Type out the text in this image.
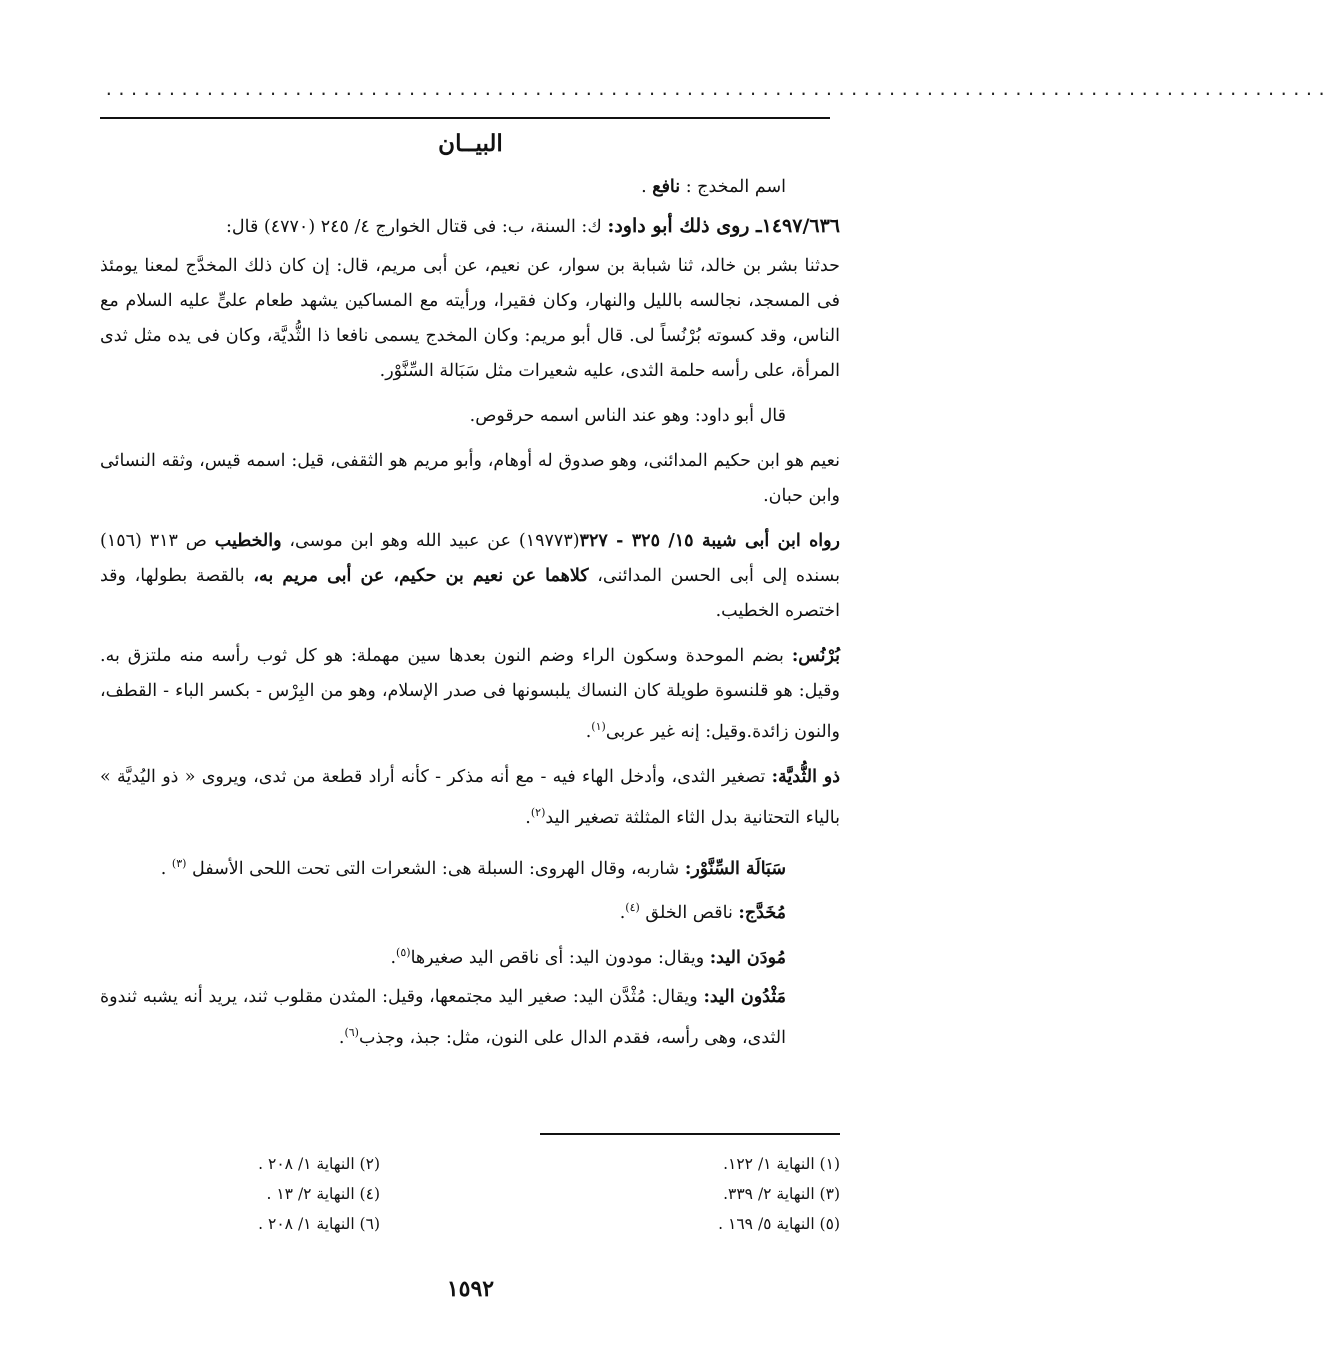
.................................................................................................
البيــان

اسم المخدج : نافع .

١٤٩٧/٦٣٦ـ روى ذلك أبو داود: ك: السنة، ب: فى قتال الخوارج ٤/ ٢٤٥ (٤٧٧٠) قال:

حدثنا بشر بن خالد، ثنا شبابة بن سوار، عن نعيم، عن أبى مريم، قال: إن كان ذلك المخدَّج لمعنا يومئذ فى المسجد، نجالسه بالليل والنهار، وكان فقيرا، ورأيته مع المساكين يشهد طعام علىٍّ عليه السلام مع الناس، وقد كسوته بُرْنُساً لى. قال أبو مريم: وكان المخدج يسمى نافعا ذا الثُّديَّة، وكان فى يده مثل ثدى المرأة، على رأسه حلمة الثدى، عليه شعيرات مثل سَبَالة السِّنَّوْر.

قال أبو داود: وهو عند الناس اسمه حرقوص.

نعيم هو ابن حكيم المدائنى، وهو صدوق له أوهام، وأبو مريم هو الثقفى، قيل: اسمه قيس، وثقه النسائى وابن حبان.

رواه ابن أبى شيبة ١٥/ ٣٢٥ - ٣٢٧(١٩٧٧٣) عن عبيد الله وهو ابن موسى، والخطيب ص ٣١٣ (١٥٦) بسنده إلى أبى الحسن المدائنى، كلاهما عن نعيم بن حكيم، عن أبى مريم به، بالقصة بطولها، وقد اختصره الخطيب.

بُرْنُس: بضم الموحدة وسكون الراء وضم النون بعدها سين مهملة: هو كل ثوب رأسه منه ملتزق به. وقيل: هو قلنسوة طويلة كان النساك يلبسونها فى صدر الإسلام، وهو من البِرْس - بكسر الباء - القطف، والنون زائدة.وقيل: إنه غير عربى$^{(١)}$.

ذو الثُّديَّة: تصغير الثدى، وأدخل الهاء فيه - مع أنه مذكر - كأنه أراد قطعة من ثدى، ويروى « ذو اليُديَّة » بالياء التحتانية بدل الثاء المثلثة تصغير اليد$^{(٢)}$.

سَبَالَة السِّنَّوْر: شاربه، وقال الهروى: السبلة هى: الشعرات التى تحت اللحى الأسفل $^{(٣)}$ .

مُخَدَّج: ناقص الخلق $^{(٤)}$.

مُودَن اليد: ويقال: مودون اليد: أى ناقص اليد صغيرها$^{(٥)}$.

مَثْدُون اليد: ويقال: مُثْدَّن اليد: صغير اليد مجتمعها، وقيل: المثدن مقلوب ثند، يريد أنه يشبه ثندوة الثدى، وهى رأسه، فقدم الدال على النون، مثل: جبذ، وجذب$^{(٦)}$.

(١) النهاية ١/ ١٢٢.
(٢) النهاية ١/ ٢٠٨ .
(٣) النهاية ٢/ ٣٣٩.
(٤) النهاية ٢/ ١٣ .
(٥) النهاية ٥/ ١٦٩ .
(٦) النهاية ١/ ٢٠٨ .
١٥٩٢
